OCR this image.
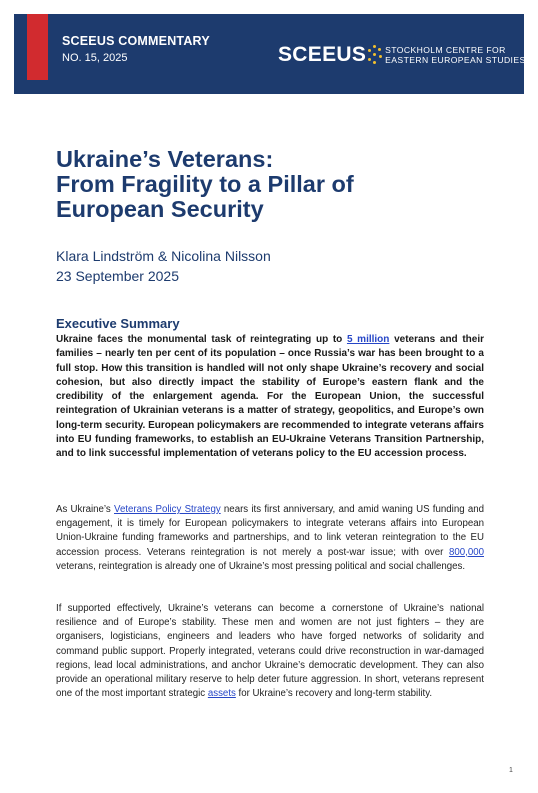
SCEEUS COMMENTARY
NO. 15, 2025	SCEEUS STOCKHOLM CENTRE FOR
EASTERN EUROPEAN STUDIES
Ukraine’s Veterans:
From Fragility to a Pillar of
European Security
Klara Lindström & Nicolina Nilsson
23 September 2025
Executive Summary

Ukraine faces the monumental task of reintegrating up to 5 million veterans and their families – nearly ten per cent of its population – once Russia’s war has been brought to a full stop. How this transition is handled will not only shape Ukraine’s recovery and social cohesion, but also directly impact the stability of Europe’s eastern flank and the credibility of the enlargement agenda. For the European Union, the successful reintegration of Ukrainian veterans is a matter of strategy, geopolitics, and Europe’s own long-term security. European policymakers are recommended to integrate veterans affairs into EU funding frameworks, to establish an EU-Ukraine Veterans Transition Partnership, and to link successful implementation of veterans policy to the EU accession process.

As Ukraine’s Veterans Policy Strategy nears its first anniversary, and amid waning US funding and engagement, it is timely for European policymakers to integrate veterans affairs into European Union-Ukraine funding frameworks and partnerships, and to link veteran reintegration to the EU accession process. Veterans reintegration is not merely a post-war issue; with over 800,000 veterans, reintegration is already one of Ukraine’s most pressing political and social challenges.

If supported effectively, Ukraine’s veterans can become a cornerstone of Ukraine’s national resilience and of Europe’s stability. These men and women are not just fighters – they are organisers, logisticians, engineers and leaders who have forged networks of solidarity and command public support. Properly integrated, veterans could drive reconstruction in war-damaged regions, lead local administrations, and anchor Ukraine’s democratic development. They can also provide an operational military reserve to help deter future aggression. In short, veterans represent one of the most important strategic assets for Ukraine’s recovery and long-term stability.

1
